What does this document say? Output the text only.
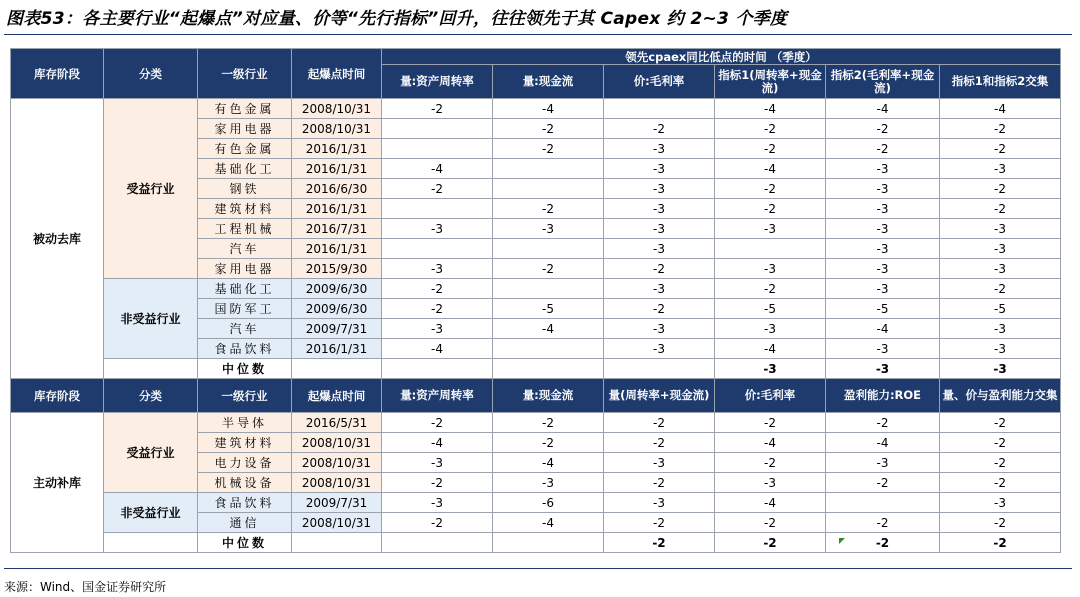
图表53：各主要行业“起爆点”对应量、价等“先行指标”回升，往往领先于其 Capex 约 2~3 个季度
库存阶段	分类	一级行业	起爆点时间	领先cpaex同比低点的时间 （季度）					
				量:资产周转率	量:现金流	价:毛利率	指标1(周转率+现金流)	指标2(毛利率+现金流)	指标1和指标2交集
被动去库	受益行业	有色金属	2008/10/31	-2	-4		-4	-4	-4
		家用电器	2008/10/31		-2	-2	-2	-2	-2
		有色金属	2016/1/31		-2	-3	-2	-2	-2
		基础化工	2016/1/31	-4		-3	-4	-3	-3
		钢铁	2016/6/30	-2		-3	-2	-3	-2
		建筑材料	2016/1/31		-2	-3	-2	-3	-2
		工程机械	2016/7/31	-3	-3	-3	-3	-3	-3
		汽车	2016/1/31			-3		-3	-3
		家用电器	2015/9/30	-3	-2	-2	-3	-3	-3
	非受益行业	基础化工	2009/6/30	-2		-3	-2	-3	-2
		国防军工	2009/6/30	-2	-5	-2	-5	-5	-5
		汽车	2009/7/31	-3	-4	-3	-3	-4	-3
		食品饮料	2016/1/31	-4		-3	-4	-3	-3
		中位数					-3	-3	-3
库存阶段	分类	一级行业	起爆点时间	量:资产周转率	量:现金流	量(周转率+现金流)	价:毛利率	盈利能力:ROE	量、价与盈利能力交集
主动补库	受益行业	半导体	2016/5/31	-2	-2	-2	-2	-2	-2
		建筑材料	2008/10/31	-4	-2	-2	-4	-4	-2
		电力设备	2008/10/31	-3	-4	-3	-2	-3	-2
		机械设备	2008/10/31	-2	-3	-2	-3	-2	-2
	非受益行业	食品饮料	2009/7/31	-3	-6	-3	-4		-3
		通信	2008/10/31	-2	-4	-2	-2	-2	-2
		中位数				-2	-2	-2	-2
来源：Wind、国金证券研究所
